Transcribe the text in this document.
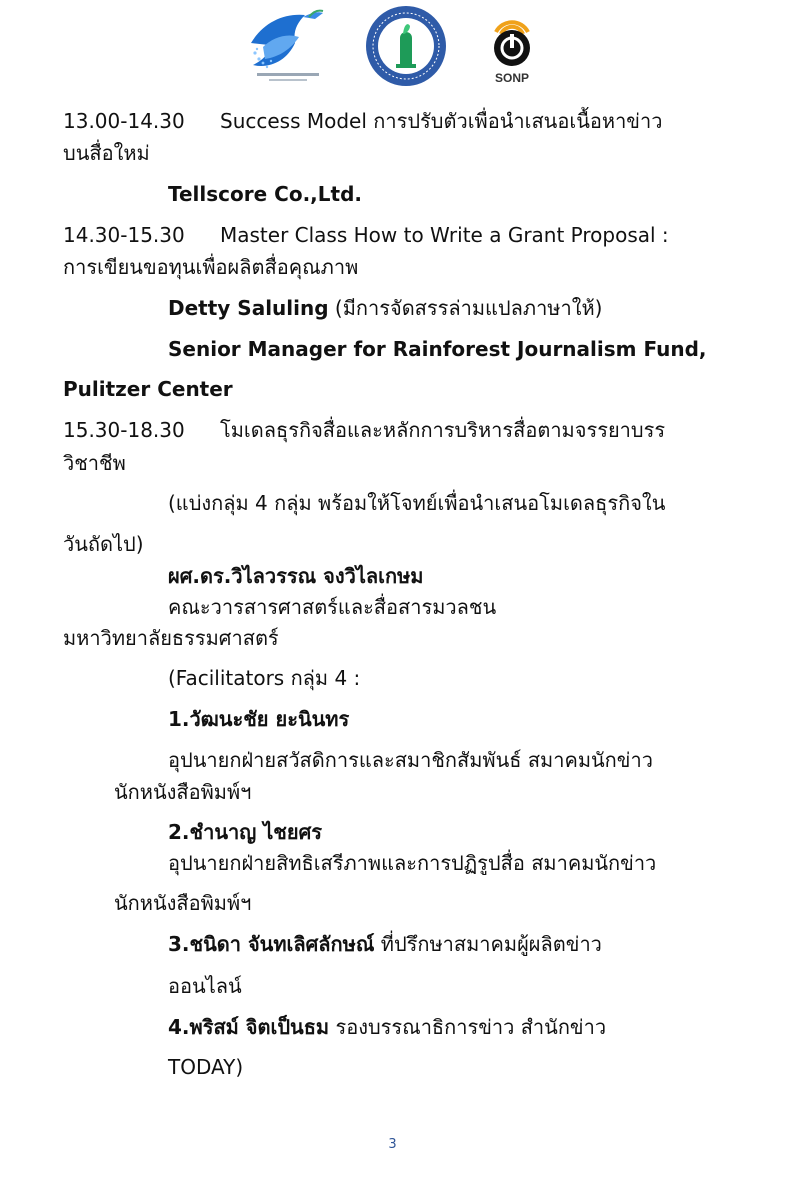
SONP
13.00-14.30 Success Model การปรับตัวเพื่อนำเสนอเนื้อหาข่าว
บนสื่อใหม่
Tellscore Co.,Ltd.
14.30-15.30 Master Class How to Write a Grant Proposal :
การเขียนขอทุนเพื่อผลิตสื่อคุณภาพ
Detty Saluling (มีการจัดสรรล่ามแปลภาษาให้)
Senior Manager for Rainforest Journalism Fund,
Pulitzer Center
15.30-18.30 โมเดลธุรกิจสื่อและหลักการบริหารสื่อตามจรรยาบรร
วิชาชีพ
(แบ่งกลุ่ม 4 กลุ่ม พร้อมให้โจทย์เพื่อนำเสนอโมเดลธุรกิจใน
วันถัดไป)
ผศ.ดร.วิไลวรรณ จงวิไลเกษม
คณะวารสารศาสตร์และสื่อสารมวลชน
มหาวิทยาลัยธรรมศาสตร์
(Facilitators กลุ่ม 4 :
1.วัฒนะชัย ยะนินทร
อุปนายกฝ่ายสวัสดิการและสมาชิกสัมพันธ์ สมาคมนักข่าว
นักหนังสือพิมพ์ฯ
2.ชำนาญ ไชยศร
อุปนายกฝ่ายสิทธิเสรีภาพและการปฏิรูปสื่อ สมาคมนักข่าว
นักหนังสือพิมพ์ฯ
3.ชนิดา จันทเลิศลักษณ์ ที่ปรึกษาสมาคมผู้ผลิตข่าว
ออนไลน์
4.พริสม์ จิตเป็นธม รองบรรณาธิการข่าว สำนักข่าว
TODAY)
3
